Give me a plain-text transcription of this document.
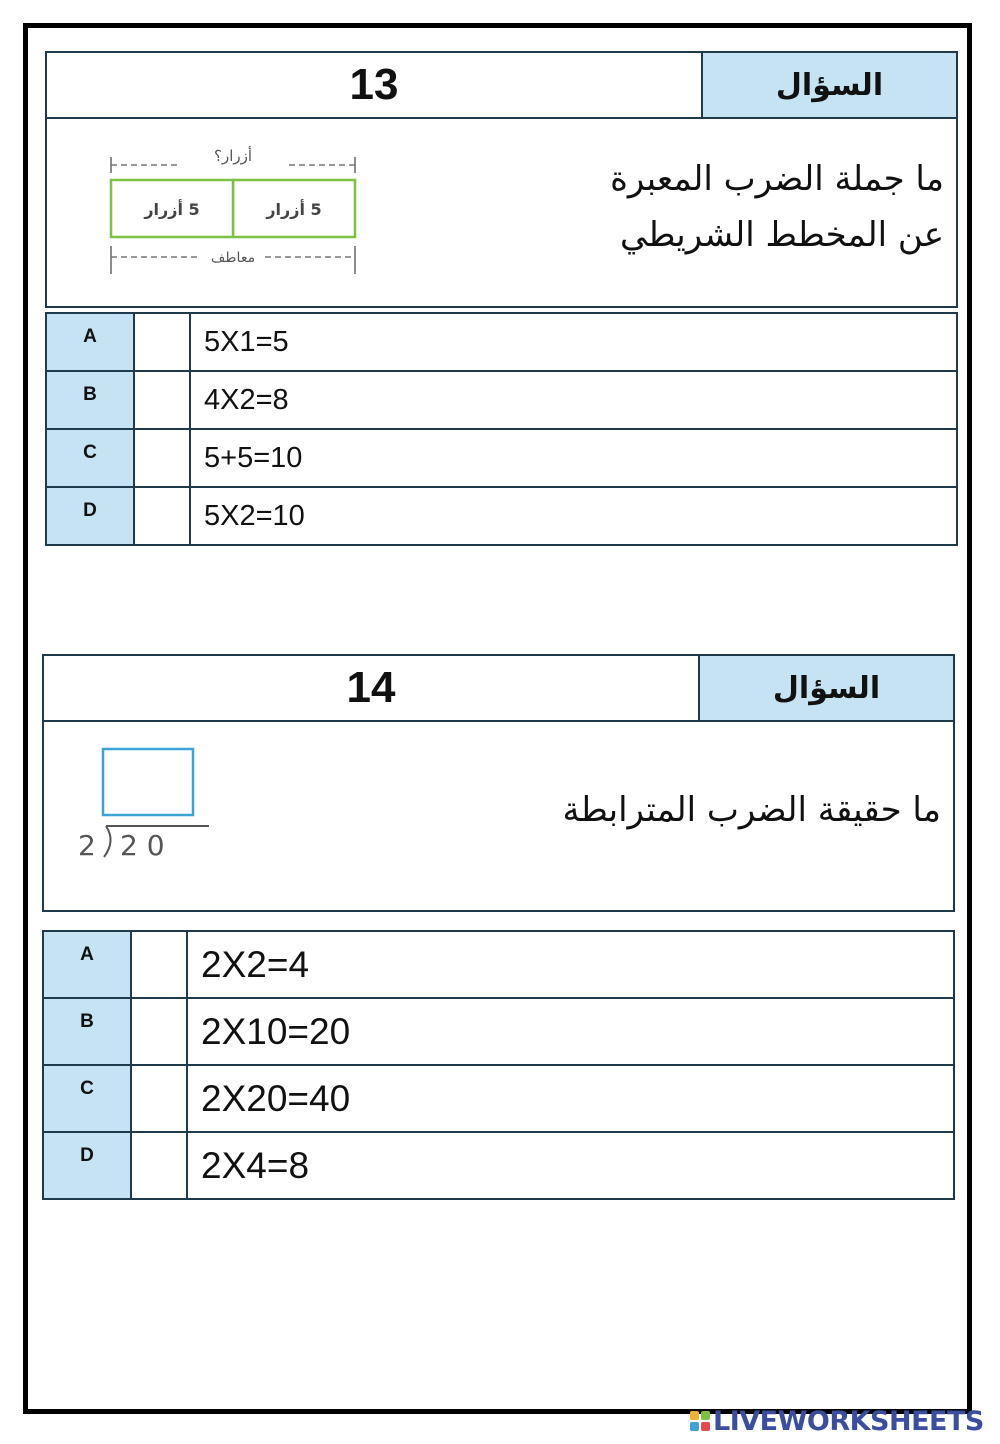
13	السؤال
أزرار؟
5 أزرار
5 أزرار
معاطف
ما جملة الضرب المعبرة
عن المخطط الشريطي
A		5X1=5
B		4X2=8
C		5+5=10
D		5X2=10
14	السؤال
2 2 0
ما حقيقة الضرب المترابطة
A		2X2=4
B		2X10=20
C		2X20=40
D		2X4=8
LIVEWORKSHEETS
